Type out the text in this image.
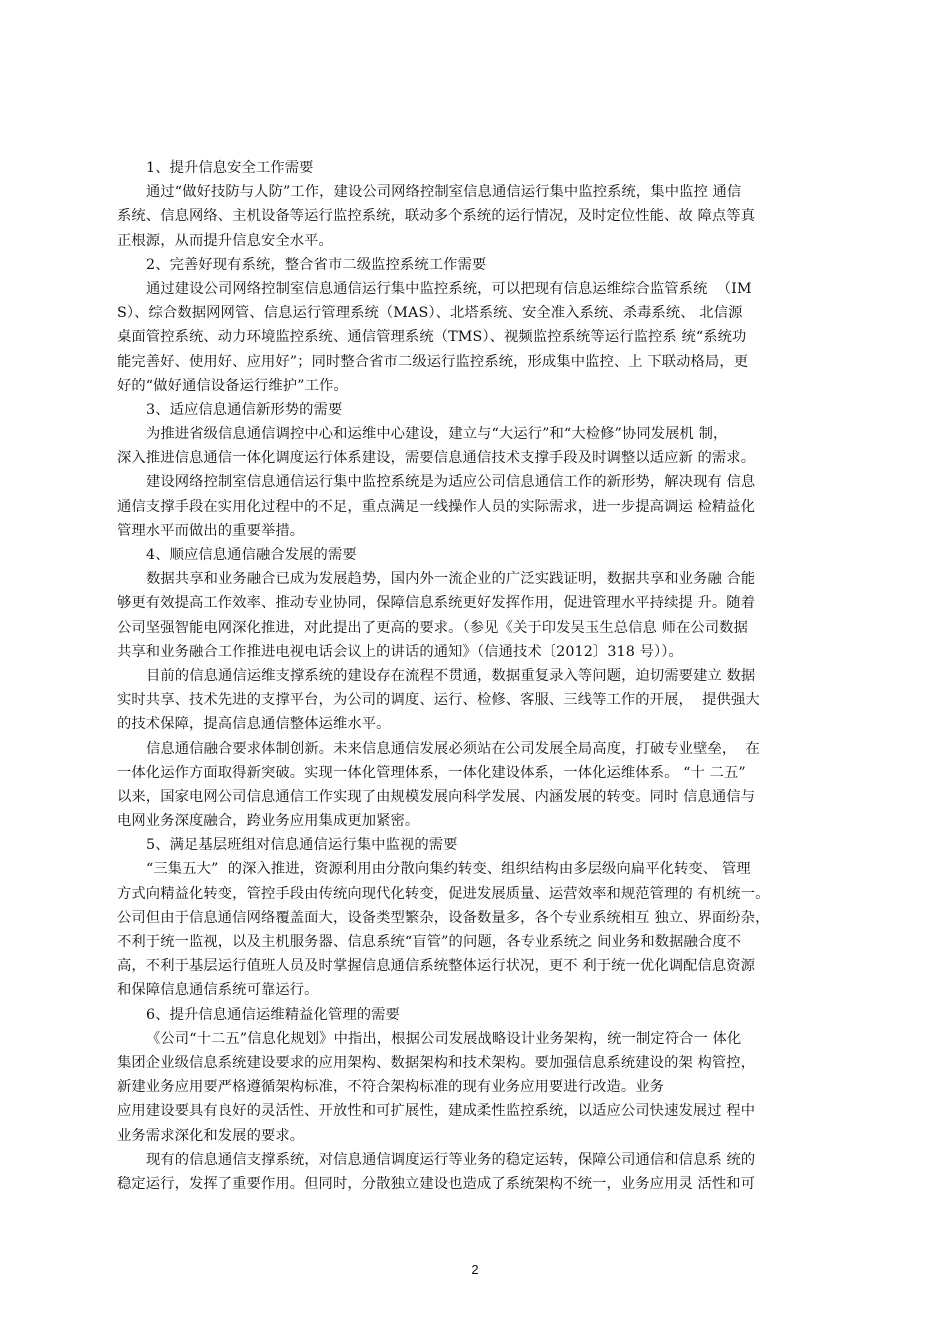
1、提升信息安全工作需要
通过“做好技防与人防”工作，建设公司网络控制室信息通信运行集中监控系统，集中监控 通信
系统、信息网络、主机设备等运行监控系统，联动多个系统的运行情况，及时定位性能、故 障点等真
正根源，从而提升信息安全水平。
2、完善好现有系统，整合省市二级监控系统工作需要
通过建设公司网络控制室信息通信运行集中监控系统，可以把现有信息运维综合监管系统  （IM
S）、综合数据网网管、信息运行管理系统（MAS）、北塔系统、安全准入系统、杀毒系统、 北信源
桌面管控系统、动力环境监控系统、通信管理系统（TMS）、视频监控系统等运行监控系 统“系统功
能完善好、使用好、应用好”；同时整合省市二级运行监控系统，形成集中监控、上 下联动格局，更
好的“做好通信设备运行维护”工作。
3、适应信息通信新形势的需要
为推进省级信息通信调控中心和运维中心建设，建立与“大运行”和“大检修”协同发展机 制，
深入推进信息通信一体化调度运行体系建设，需要信息通信技术支撑手段及时调整以适应新 的需求。
建设网络控制室信息通信运行集中监控系统是为适应公司信息通信工作的新形势，解决现有 信息
通信支撑手段在实用化过程中的不足，重点满足一线操作人员的实际需求，进一步提高调运 检精益化
管理水平而做出的重要举措。
4、顺应信息通信融合发展的需要
数据共享和业务融合已成为发展趋势，国内外一流企业的广泛实践证明，数据共享和业务融 合能
够更有效提高工作效率、推动专业协同，保障信息系统更好发挥作用，促进管理水平持续提 升。随着
公司坚强智能电网深化推进，对此提出了更高的要求。（参见《关于印发吴玉生总信息 师在公司数据
共享和业务融合工作推进电视电话会议上的讲话的通知》（信通技术〔2012〕318 号））。
目前的信息通信运维支撑系统的建设存在流程不贯通，数据重复录入等问题，迫切需要建立 数据
实时共享、技术先进的支撑平台，为公司的调度、运行、检修、客服、三线等工作的开展，  提供强大
的技术保障，提高信息通信整体运维水平。
信息通信融合要求体制创新。未来信息通信发展必须站在公司发展全局高度，打破专业壁垒，  在
一体化运作方面取得新突破。实现一体化管理体系，一体化建设体系，一体化运维体系。 “十 二五”
以来，国家电网公司信息通信工作实现了由规模发展向科学发展、内涵发展的转变。同时 信息通信与
电网业务深度融合，跨业务应用集成更加紧密。
5、满足基层班组对信息通信运行集中监视的需要
“三集五大”  的深入推进，资源利用由分散向集约转变、组织结构由多层级向扁平化转变、 管理
方式向精益化转变，管控手段由传统向现代化转变，促进发展质量、运营效率和规范管理的 有机统一。
公司但由于信息通信网络覆盖面大，设备类型繁杂，设备数量多，各个专业系统相互 独立、界面纷杂，
不利于统一监视，以及主机服务器、信息系统“盲管”的问题，各专业系统之 间业务和数据融合度不
高，不利于基层运行值班人员及时掌握信息通信系统整体运行状况，更不 利于统一优化调配信息资源
和保障信息通信系统可靠运行。
6、提升信息通信运维精益化管理的需要
《公司“十二五”信息化规划》中指出，根据公司发展战略设计业务架构，统一制定符合一 体化
集团企业级信息系统建设要求的应用架构、数据架构和技术架构。要加强信息系统建设的架 构管控，
新建业务应用要严格遵循架构标准，不符合架构标准的现有业务应用要进行改造。业务
应用建设要具有良好的灵活性、开放性和可扩展性，建成柔性监控系统，以适应公司快速发展过 程中
业务需求深化和发展的要求。
现有的信息通信支撑系统，对信息通信调度运行等业务的稳定运转，保障公司通信和信息系 统的
稳定运行，发挥了重要作用。但同时，分散独立建设也造成了系统架构不统一，业务应用灵 活性和可
2
